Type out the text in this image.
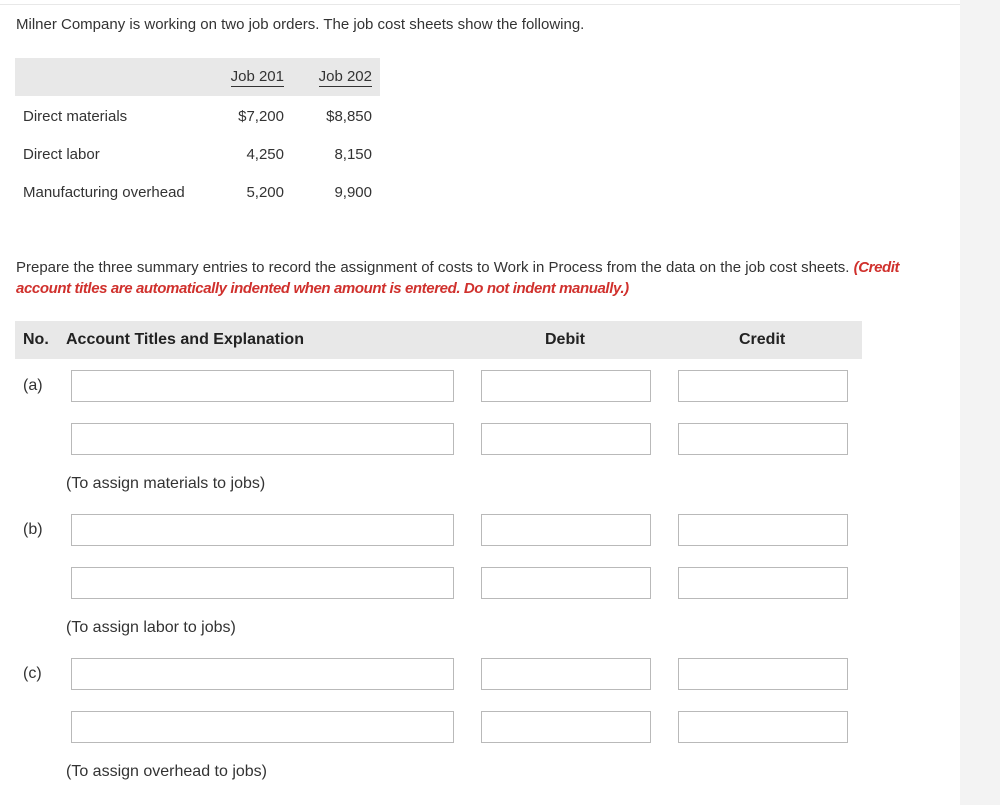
Milner Company is working on two job orders. The job cost sheets show the following.
Job 201 Job 202
Direct materials	$7,200	$8,850
Direct labor	4,250	8,150
Manufacturing overhead	5,200	9,900
Prepare the three summary entries to record the assignment of costs to Work in Process from the data on the job cost sheets. (Credit account titles are automatically indented when amount is entered. Do not indent manually.)
No. Account Titles and Explanation	Debit	Credit
(a)
(To assign materials to jobs)
(b)
(To assign labor to jobs)
(c)
(To assign overhead to jobs)
